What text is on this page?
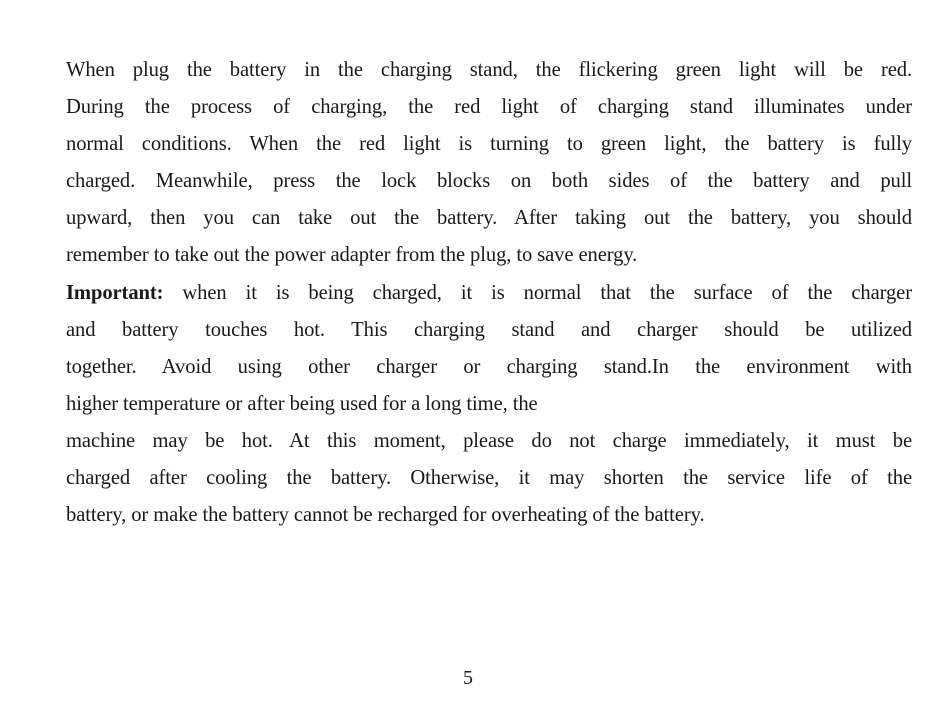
When plug the battery in the charging stand, the flickering green light will be red.
During the process of charging, the red light of charging stand illuminates under
normal conditions. When the red light is turning to green light, the battery is fully
charged. Meanwhile, press the lock blocks on both sides of the battery and pull
upward, then you can take out the battery. After taking out the battery, you should
remember to take out the power adapter from the plug, to save energy.
Important: when it is being charged, it is normal that the surface of the charger
and battery touches hot. This charging stand and charger should be utilized
together. Avoid using other charger or charging stand.In the environment with
higher temperature or after being used for a long time, the
machine may be hot. At this moment, please do not charge immediately, it must be
charged after cooling the battery. Otherwise, it may shorten the service life of the
battery, or make the battery cannot be recharged for overheating of the battery.
5
